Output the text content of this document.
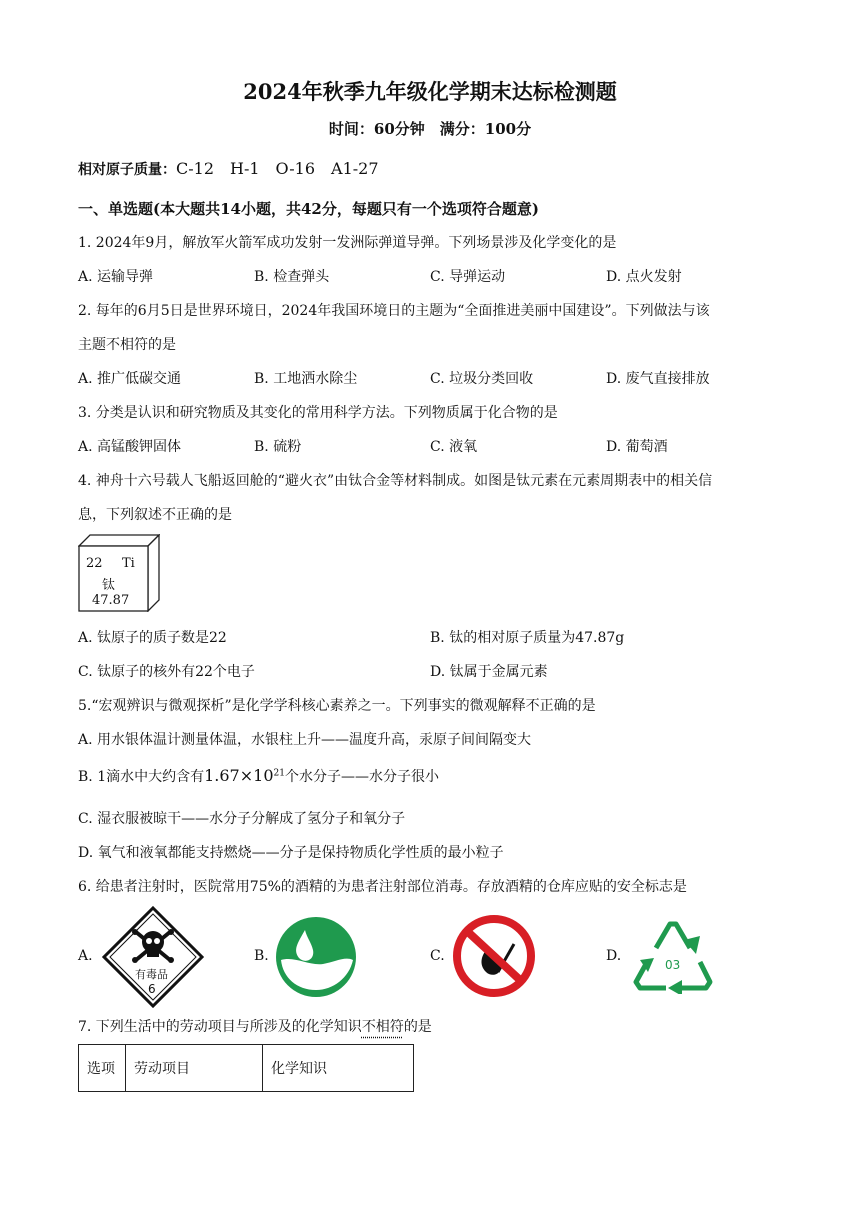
2024年秋季九年级化学期末达标检测题
时间：60分钟　满分：100分
相对原子质量：C-12　H-1　O-16　A1-27
一、单选题(本大题共14小题，共42分，每题只有一个选项符合题意)
1. 2024年9月，解放军火箭军成功发射一发洲际弹道导弹。下列场景涉及化学变化的是
A. 运输导弹	B. 检查弹头	C. 导弹运动	D. 点火发射
2. 每年的6月5日是世界环境日，2024年我国环境日的主题为“全面推进美丽中国建设”。下列做法与该
主题不相符的是
A. 推广低碳交通	B. 工地洒水除尘	C. 垃圾分类回收	D. 废气直接排放
3. 分类是认识和研究物质及其变化的常用科学方法。下列物质属于化合物的是
A. 高锰酸钾固体	B. 硫粉	C. 液氧	D. 葡萄酒
4. 神舟十六号载人飞船返回舱的“避火衣”由钛合金等材料制成。如图是钛元素在元素周期表中的相关信
息，下列叙述不正确的是
22 Ti
钛
47.87
A. 钛原子的质子数是22	B. 钛的相对原子质量为47.87g
C. 钛原子的核外有22个电子	D. 钛属于金属元素
5.“宏观辨识与微观探析”是化学学科核心素养之一。下列事实的微观解释不正确的是
A. 用水银体温计测量体温，水银柱上升——温度升高，汞原子间间隔变大
B. 1滴水中大约含有$1.67\times 10^{21}$个水分子——水分子很小
C. 湿衣服被晾干——水分子分解成了氢分子和氧分子
D. 氧气和液氧都能支持燃烧——分子是保持物质化学性质的最小粒子
6. 给患者注射时，医院常用75%的酒精的为患者注射部位消毒。存放酒精的仓库应贴的安全标志是
A.
有毒品
6
B.	C.	D.
03
7. 下列生活中的劳动项目与所涉及的化学知识不相符的是
选项	劳动项目	化学知识
